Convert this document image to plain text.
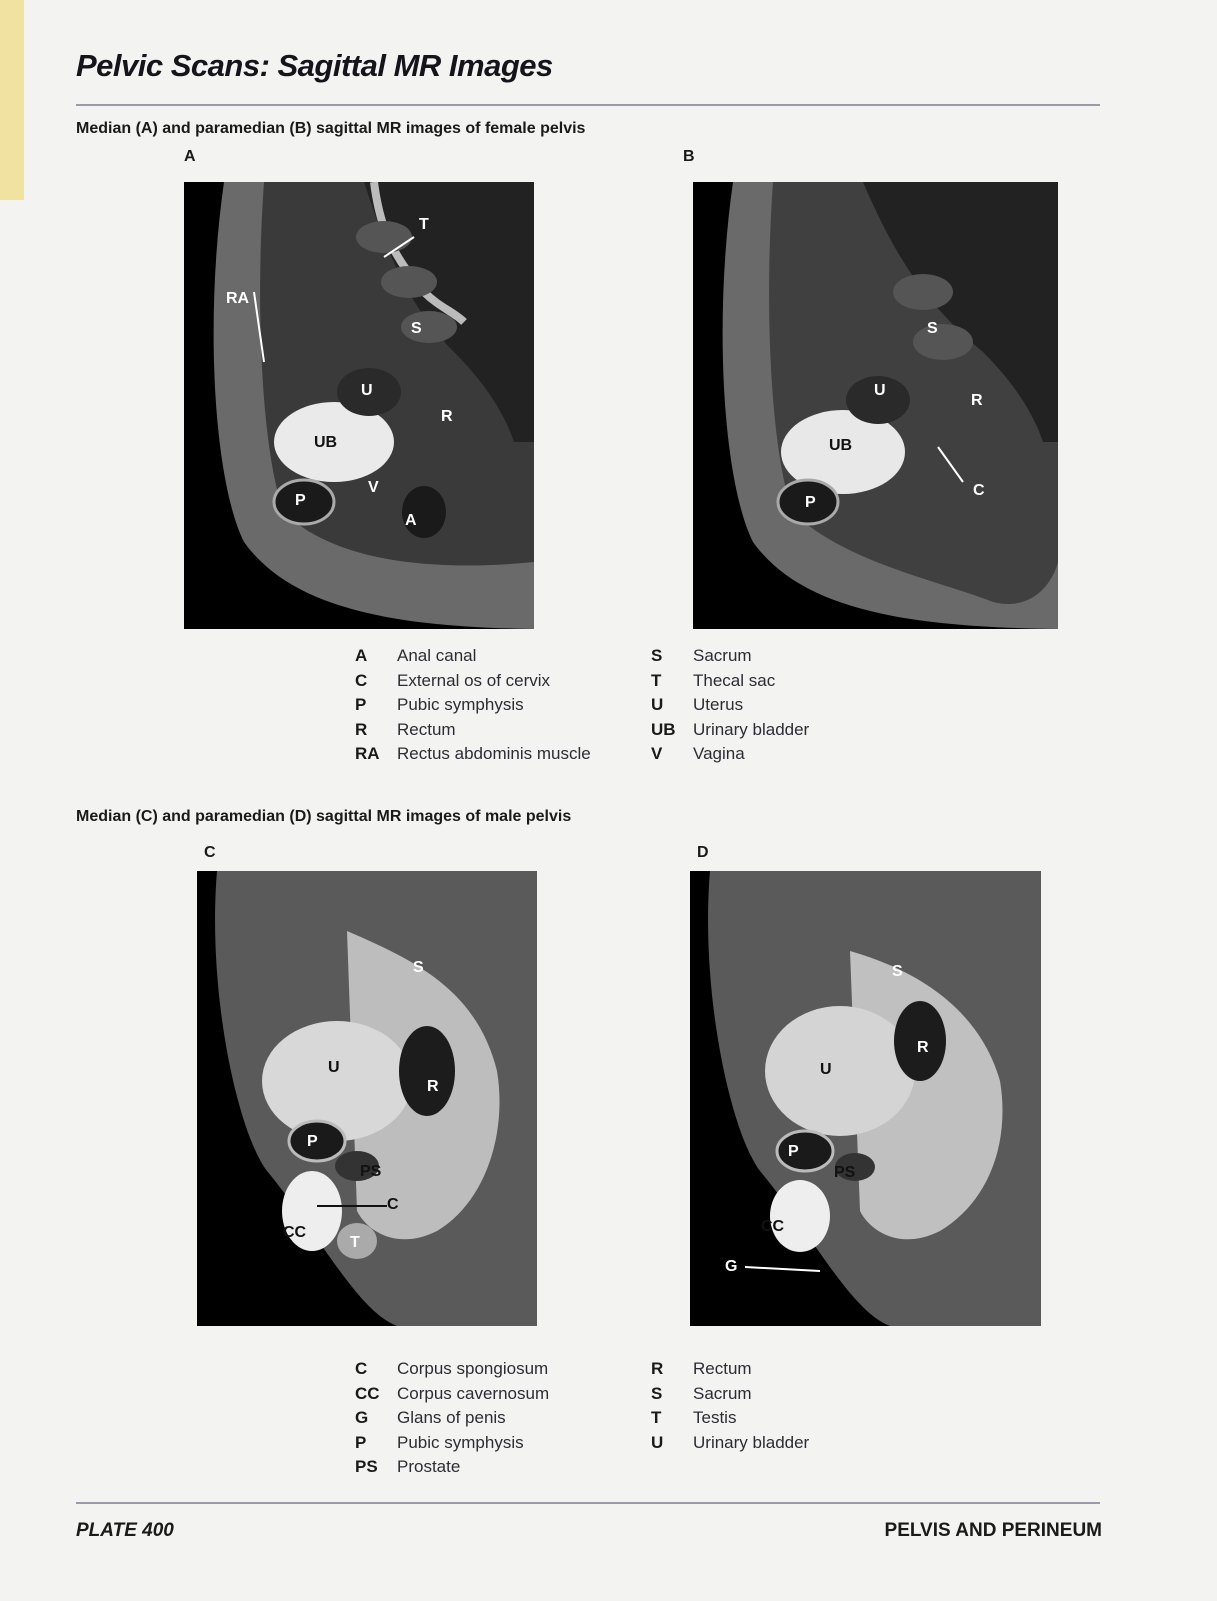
Pelvic Scans: Sagittal MR Images
Median (A) and paramedian (B) sagittal MR images of female pelvis
A	B
T
RA
S
U
R
UB
V
P
A
S
U
R
UB
C
P
A Anal canal
C External os of cervix
P Pubic symphysis
R Rectum
RA Rectus abdominis muscle
S Sacrum
T Thecal sac
U Uterus
UB Urinary bladder
V Vagina
Median (C) and paramedian (D) sagittal MR images of male pelvis
C	D
S
U
R
P
PS
C
CC
T
S
R
U
P
PS
CC
G
C Corpus spongiosum
CC Corpus cavernosum
G Glans of penis
P Pubic symphysis
PS Prostate
R Rectum
S Sacrum
T Testis
U Urinary bladder
PLATE 400	PELVIS AND PERINEUM
